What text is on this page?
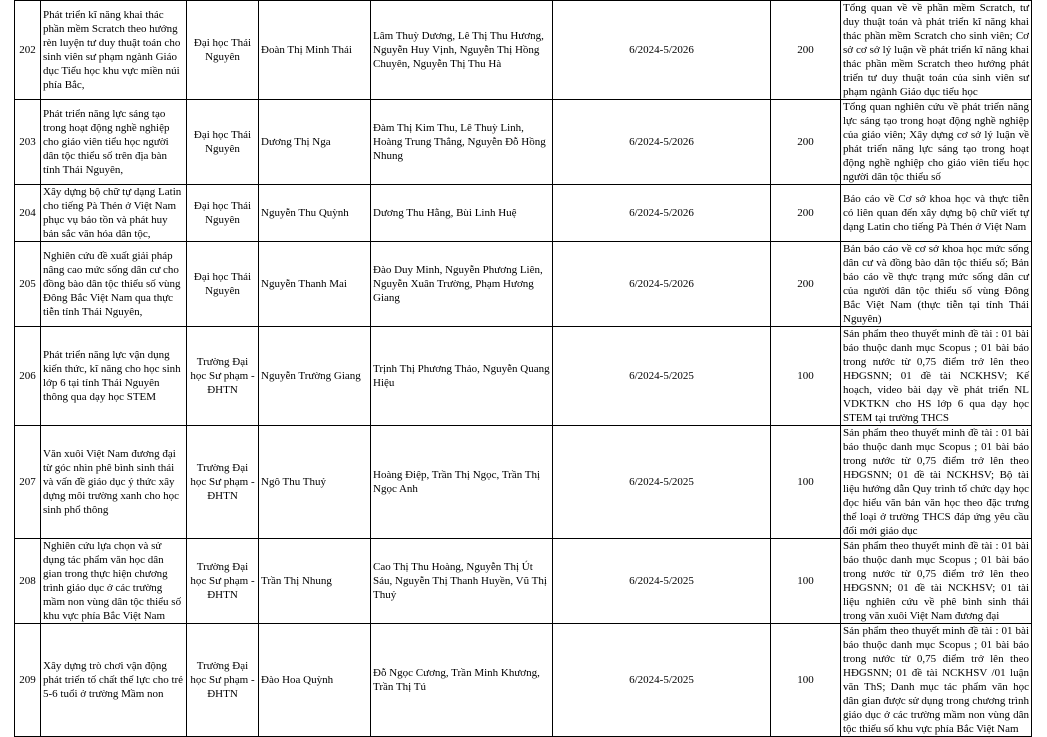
202	Phát triển kĩ năng khai thác phần mềm Scratch theo hướng rèn luyện tư duy thuật toán cho sinh viên sư phạm ngành Giáo dục Tiểu học khu vực miền núi phía Bắc,	Đại học Thái Nguyên	Đoàn Thị Minh Thái	Lâm Thuỳ Dương, Lê Thị Thu Hương, Nguyễn Huy Vịnh, Nguyễn Thị Hồng Chuyên, Nguyễn Thị Thu Hà	6/2024-5/2026	200	Tổng quan về về phần mềm Scratch, tư duy thuật toán và phát triển kĩ năng khai thác phần mềm Scratch cho sinh viên; Cơ sở cơ sở lý luận về phát triển kĩ năng khai thác phần mềm Scratch theo hướng phát triển tư duy thuật toán của sinh viên sư phạm ngành Giáo dục tiểu học
203	Phát triển năng lực sáng tạo trong hoạt động nghề nghiệp cho giáo viên tiểu học người dân tộc thiểu số trên địa bàn tỉnh Thái Nguyên,	Đại học Thái Nguyên	Dương Thị Nga	Đàm Thị Kim Thu, Lê Thuỳ Linh, Hoàng Trung Thắng, Nguyễn Đỗ Hồng Nhung	6/2024-5/2026	200	Tổng quan nghiên cứu về phát triển năng lực sáng tạo trong hoạt động nghề nghiệp của giáo viên; Xây dựng cơ sở lý luận về phát triển năng lực sáng tạo trong hoạt động nghề nghiệp cho giáo viên tiểu học người dân tộc thiểu số
204	Xây dựng bộ chữ tự dạng Latin cho tiếng Pà Thẻn ở Việt Nam phục vụ bảo tồn và phát huy bản sắc văn hóa dân tộc,	Đại học Thái Nguyên	Nguyễn Thu Quỳnh	Dương Thu Hằng, Bùi Linh Huệ	6/2024-5/2026	200	Báo cáo về Cơ sở khoa học và thực tiễn có liên quan đến xây dựng bộ chữ viết tự dạng Latin cho tiếng Pà Thẻn ở Việt Nam
205	Nghiên cứu đề xuất giải pháp nâng cao mức sống dân cư cho đồng bào dân tộc thiểu số vùng Đông Bắc Việt Nam qua thực tiễn tỉnh Thái Nguyên,	Đại học Thái Nguyên	Nguyễn Thanh Mai	Đào Duy Minh, Nguyễn Phương Liên, Nguyễn Xuân Trường, Phạm Hương Giang	6/2024-5/2026	200	Bản báo cáo về cơ sở khoa học mức sống dân cư và đồng bào dân tộc thiểu số; Bản báo cáo về thực trạng mức sống dân cư của người dân tộc thiểu số vùng Đông Bắc Việt Nam (thực tiễn tại tỉnh Thái Nguyên)
206	Phát triển năng lực vận dụng kiến thức, kĩ năng cho học sinh lớp 6 tại tỉnh Thái Nguyên thông qua dạy học STEM	Trường Đại học Sư phạm - ĐHTN	Nguyễn Trường Giang	Trịnh Thị Phương Thảo, Nguyễn Quang Hiệu	6/2024-5/2025	100	Sản phẩm theo thuyết minh đề tài : 01 bài báo thuộc danh mục Scopus ; 01 bài báo trong nước từ 0,75 điểm trở lên theo HĐGSNN; 01 đề tài NCKHSV; Kế hoạch, video bài dạy về phát triển NL VDKTKN cho HS lớp 6 qua dạy học STEM tại trường THCS
207	Văn xuôi Việt Nam đương đại từ góc nhìn phê bình sinh thái và vấn đề giáo dục ý thức xây dựng môi trường xanh cho học sinh phổ thông	Trường Đại học Sư phạm - ĐHTN	Ngô Thu Thuỷ	Hoàng Điệp, Trần Thị Ngọc, Trần Thị Ngọc Anh	6/2024-5/2025	100	Sản phẩm theo thuyết minh đề tài : 01 bài báo thuộc danh mục Scopus ; 01 bài báo trong nước từ 0,75 điểm trở lên theo HĐGSNN; 01 đề tài NCKHSV; Bộ tài liệu hướng dẫn Quy trình tổ chức dạy học đọc hiểu văn bản văn học theo đặc trưng thể loại ở trường THCS đáp ứng yêu cầu đổi mới giáo dục
208	Nghiên cứu lựa chọn và sử dụng tác phẩm văn học dân gian trong thực hiện chương trình giáo dục ở các trường mầm non vùng dân tộc thiểu số khu vực phía Bắc Việt Nam	Trường Đại học Sư phạm - ĐHTN	Trần Thị Nhung	Cao Thị Thu Hoàng, Nguyễn Thị Út Sáu, Nguyễn Thị Thanh Huyền, Vũ Thị Thuỷ	6/2024-5/2025	100	Sản phẩm theo thuyết minh đề tài : 01 bài báo thuộc danh mục Scopus ; 01 bài báo trong nước từ 0,75 điểm trở lên theo HĐGSNN; 01 đề tài NCKHSV; 01 tài liệu nghiên cứu về phê bình sinh thái trong văn xuôi Việt Nam đương đại
209	Xây dựng trò chơi vận động phát triển tố chất thể lực cho trẻ 5-6 tuổi ở trường Mầm non	Trường Đại học Sư phạm - ĐHTN	Đào Hoa Quỳnh	Đỗ Ngọc Cương, Trần Minh Khương, Trần Thị Tú	6/2024-5/2025	100	Sản phẩm theo thuyết minh đề tài : 01 bài báo thuộc danh mục Scopus ; 01 bài báo trong nước từ 0,75 điểm trở lên theo HĐGSNN; 01 đề tài NCKHSV /01 luận văn ThS; Danh mục tác phẩm văn học dân gian được sử dụng trong chương trình giáo dục ở các trường mầm non vùng dân tộc thiểu số khu vực phía Bắc Việt Nam
